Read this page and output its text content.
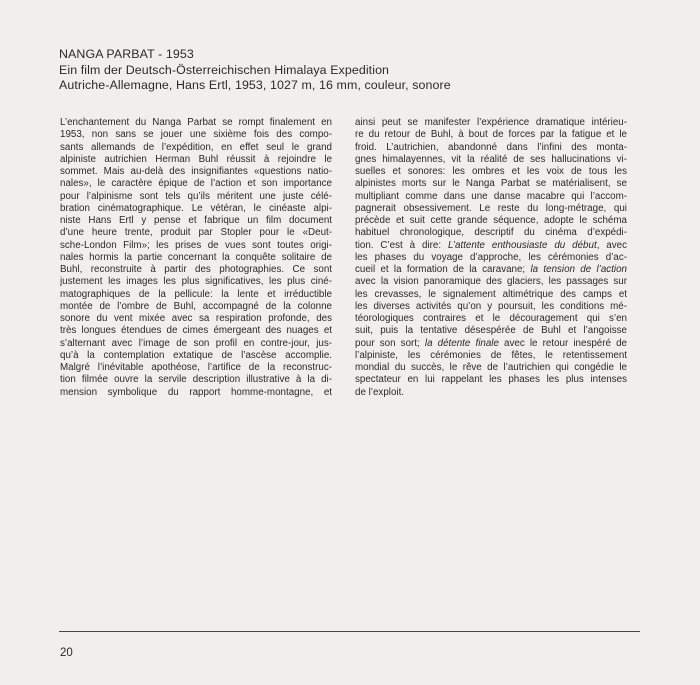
NANGA PARBAT - 1953
Ein film der Deutsch-Österreichischen Himalaya Expedition
Autriche-Allemagne, Hans Ertl, 1953, 1027 m, 16 mm, couleur, sonore
L’enchantement du Nanga Parbat se rompt finalement en
1953, non sans se jouer une sixième fois des compo-
sants allemands de l’expédition, en effet seul le grand
alpiniste autrichien Herman Buhl réussit à rejoindre le
sommet. Mais au-delà des insignifiantes «questions natio-
nales», le caractère épique de l’action et son importance
pour l’alpinisme sont tels qu’ils méritent une juste célé-
bration cinématographique. Le vétéran, le cinéaste alpi-
niste Hans Ertl y pense et fabrique un film document
d’une heure trente, produit par Stopler pour le «Deut-
sche-London Film»; les prises de vues sont toutes origi-
nales hormis la partie concernant la conquête solitaire de
Buhl, reconstruite à partir des photographies. Ce sont
justement les images les plus significatives, les plus ciné-
matographiques de la pellicule: la lente et irréductible
montée de l’ombre de Buhl, accompagné de la colonne
sonore du vent mixée avec sa respiration profonde, des
très longues étendues de cimes émergeant des nuages et
s’alternant avec l’image de son profil en contre-jour, jus-
qu’à la contemplation extatique de l’ascèse accomplie.
Malgré l’inévitable apothéose, l’artifice de la reconstruc-
tion filmée ouvre la servile description illustrative à la di-
mension symbolique du rapport homme-montagne, et
ainsi peut se manifester l’expérience dramatique intérieu-
re du retour de Buhl, à bout de forces par la fatigue et le
froid. L’autrichien, abandonné dans l’infini des monta-
gnes himalayennes, vit la réalité de ses hallucinations vi-
suelles et sonores: les ombres et les voix de tous les
alpinistes morts sur le Nanga Parbat se matérialisent, se
multipliant comme dans une danse macabre qui l’accom-
pagnerait obsessivement. Le reste du long-métrage, qui
précède et suit cette grande séquence, adopte le schéma
habituel chronologique, descriptif du cinéma d’expédi-
tion. C’est à dire: L’attente enthousiaste du début, avec
les phases du voyage d’approche, les cérémonies d’ac-
cueil et la formation de la caravane; la tension de l’action
avec la vision panoramique des glaciers, les passages sur
les crevasses, le signalement altimétrique des camps et
les diverses activités qu’on y poursuit, les conditions mé-
téorologiques contraires et le découragement qui s’en
suit, puis la tentative désespérée de Buhl et l’angoisse
pour son sort; la détente finale avec le retour inespéré de
l’alpiniste, les cérémonies de fêtes, le retentissement
mondial du succès, le rêve de l’autrichien qui congédie le
spectateur en lui rappelant les phases les plus intenses
de l’exploit.
20
